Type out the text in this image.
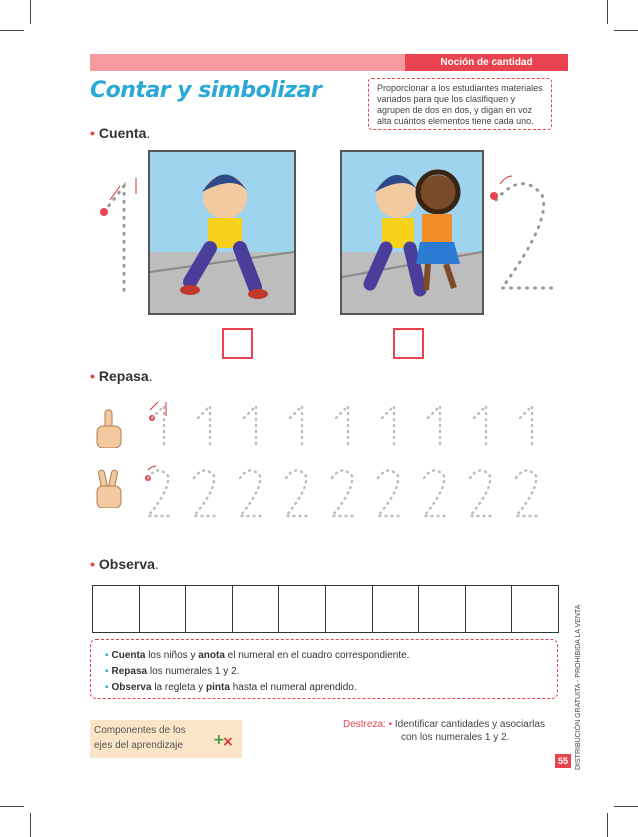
Noción de cantidad
Contar y simbolizar	Proporcionar a los estudiantes materiales variados para que los clasifiquen y agrupen de dos en dos, y digan en voz alta cuántos elementos tiene cada uno.
• Cuenta.
• Repasa.
• Observa.
• Cuenta los niños y anota el numeral en el cuadro correspondiente.
• Repasa los numerales 1 y 2.
• Observa la regleta y pinta hasta el numeral aprendido.
Componentes de los ejes del aprendizaje	+
×
Destreza: • Identificar cantidades y asociarlas
con los numerales 1 y 2.
55	DISTRIBUCIÓN GRATUITA - PROHIBIDA LA VENTA
